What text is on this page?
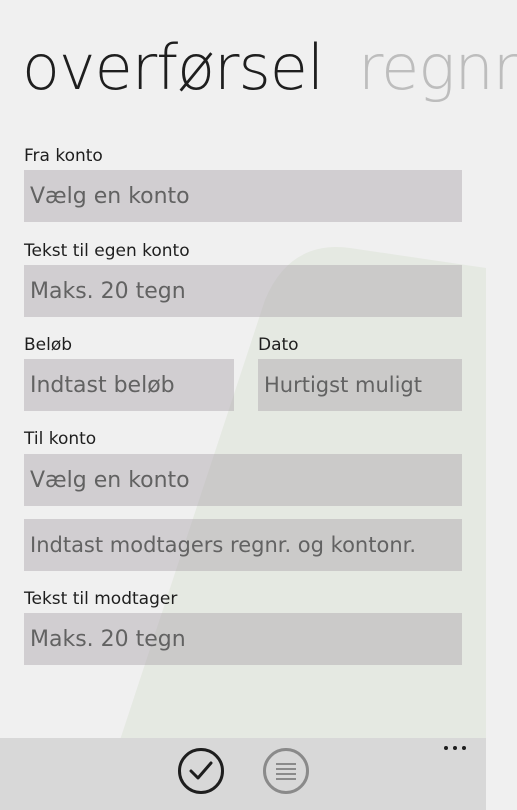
overførsel regnr
Fra konto
Vælg en konto
Tekst til egen konto
Maks. 20 tegn
Beløb
Indtast beløb
Dato
Hurtigst muligt
Til konto
Vælg en konto
Indtast modtagers regnr. og kontonr.
Tekst til modtager
Maks. 20 tegn
